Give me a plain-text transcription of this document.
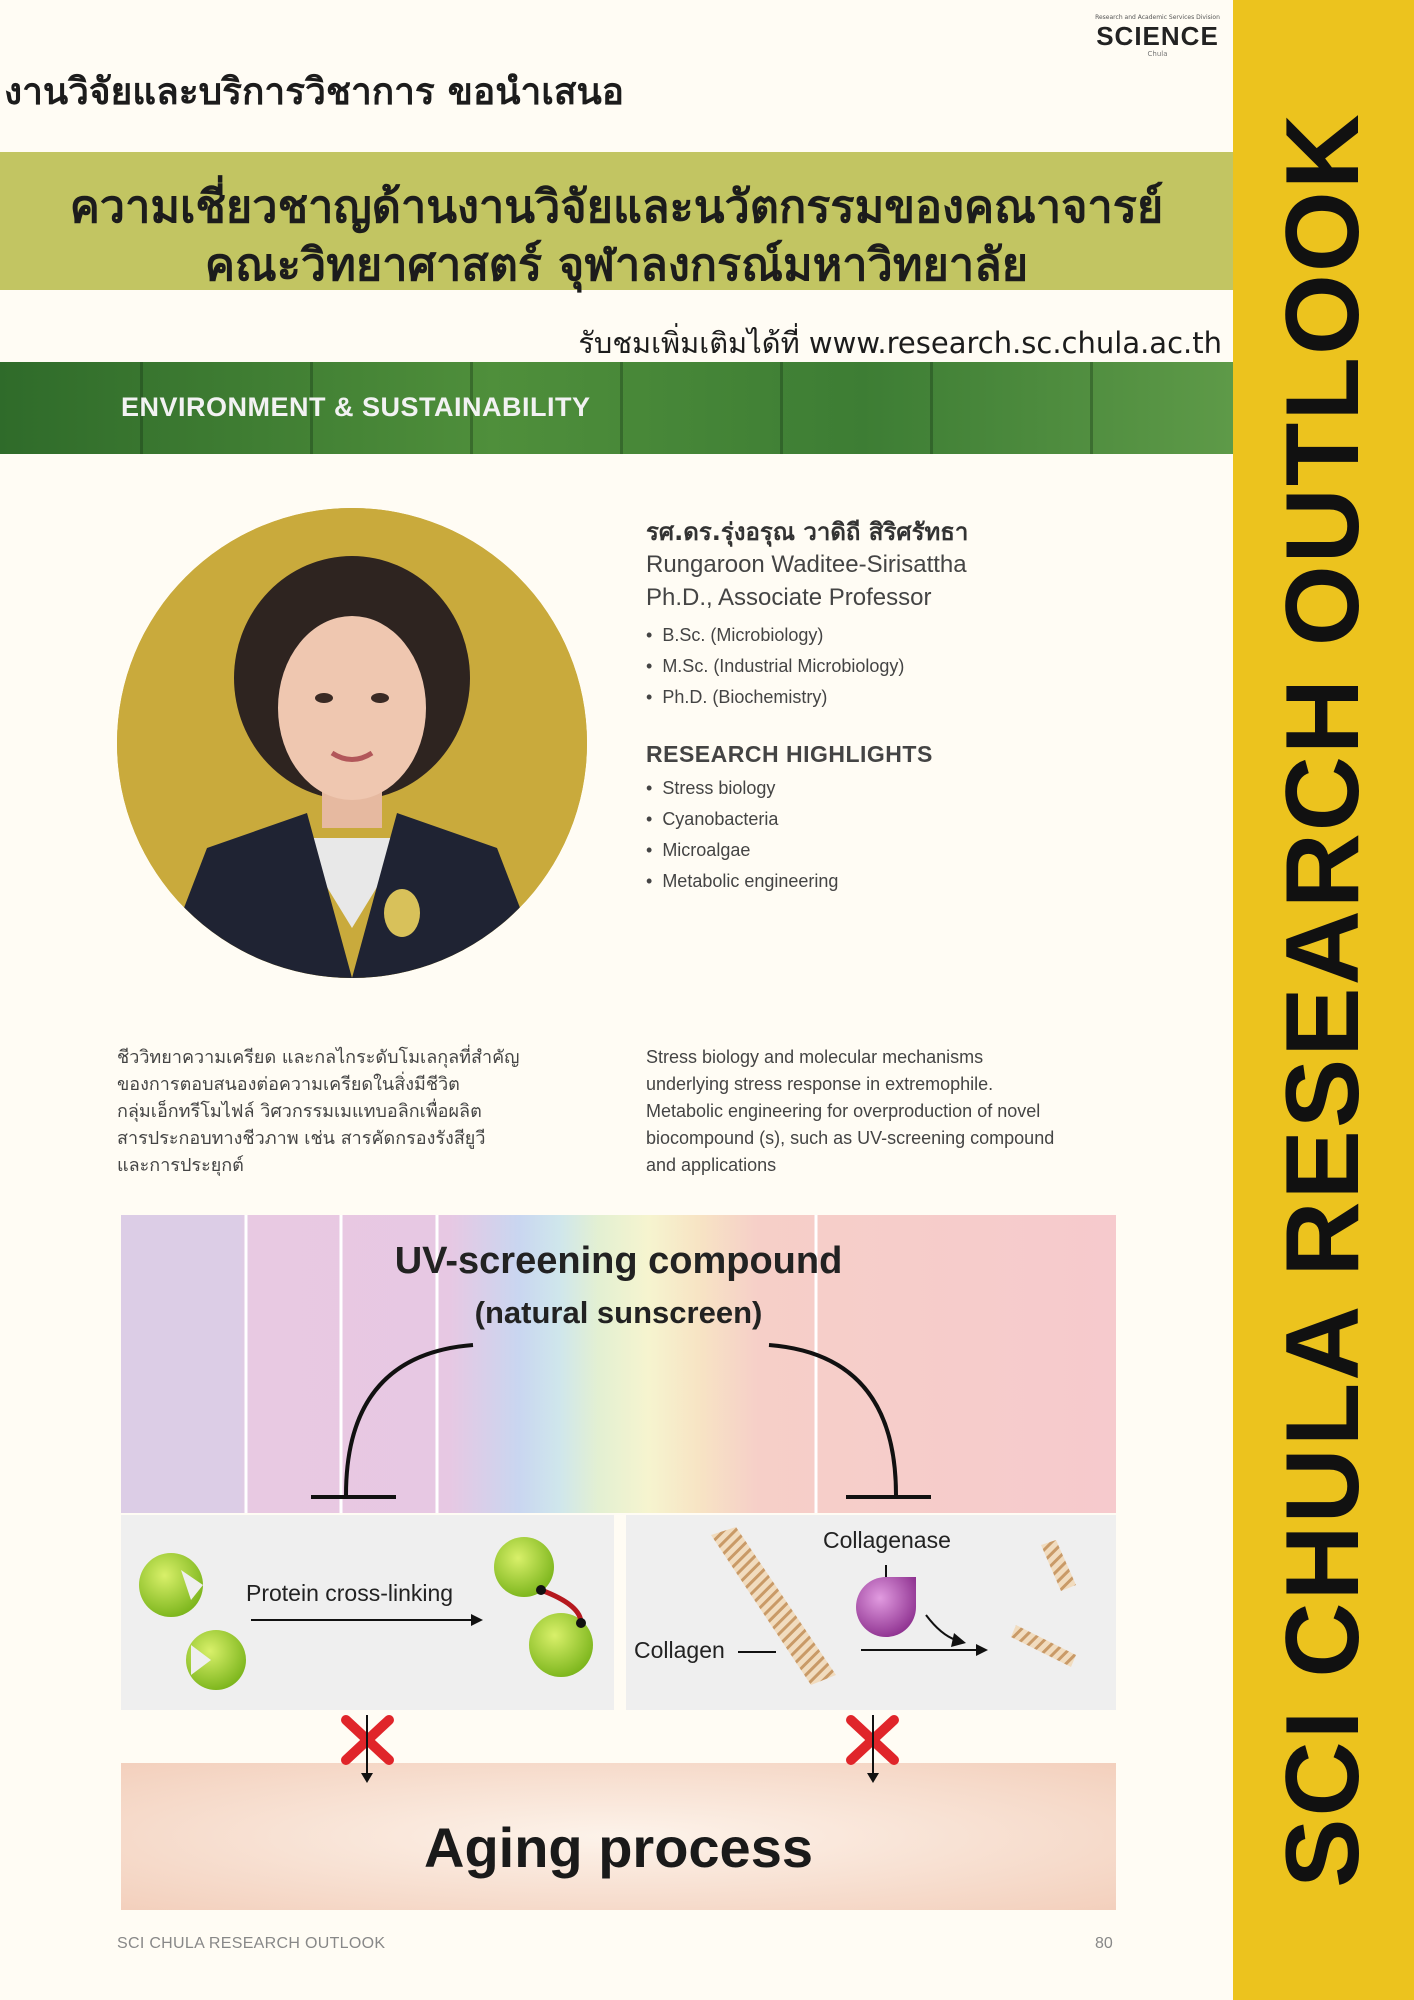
SCI CHULA RESEARCH OUTLOOK
Research and Academic Services Division
SCIENCE
Chula
งานวิจัยและบริการวิชาการ ขอนำเสนอ
ความเชี่ยวชาญด้านงานวิจัยและนวัตกรรมของคณาจารย์
คณะวิทยาศาสตร์ จุฬาลงกรณ์มหาวิทยาลัย
รับชมเพิ่มเติมได้ที่ www.research.sc.chula.ac.th
ENVIRONMENT & SUSTAINABILITY
รศ.ดร.รุ่งอรุณ วาดิถี สิริศรัทธา
Rungaroon Waditee-Sirisattha
Ph.D., Associate Professor
• B.Sc. (Microbiology)
• M.Sc. (Industrial Microbiology)
• Ph.D. (Biochemistry)
RESEARCH HIGHLIGHTS
• Stress biology
• Cyanobacteria
• Microalgae
• Metabolic engineering
ชีววิทยาความเครียด และกลไกระดับโมเลกุลที่สำคัญ
ของการตอบสนองต่อความเครียดในสิ่งมีชีวิต
กลุ่มเอ็กทรีโมไฟล์ วิศวกรรมเมแทบอลิกเพื่อผลิต
สารประกอบทางชีวภาพ เช่น สารคัดกรองรังสียูวี
และการประยุกต์
Stress biology and molecular mechanisms
underlying stress response in extremophile.
Metabolic engineering for overproduction of novel
biocompound (s), such as UV-screening compound
and applications
UV-screening compound
(natural sunscreen)
Protein cross-linking
Collagenase
Collagen
Aging process
SCI CHULA RESEARCH OUTLOOK	80
